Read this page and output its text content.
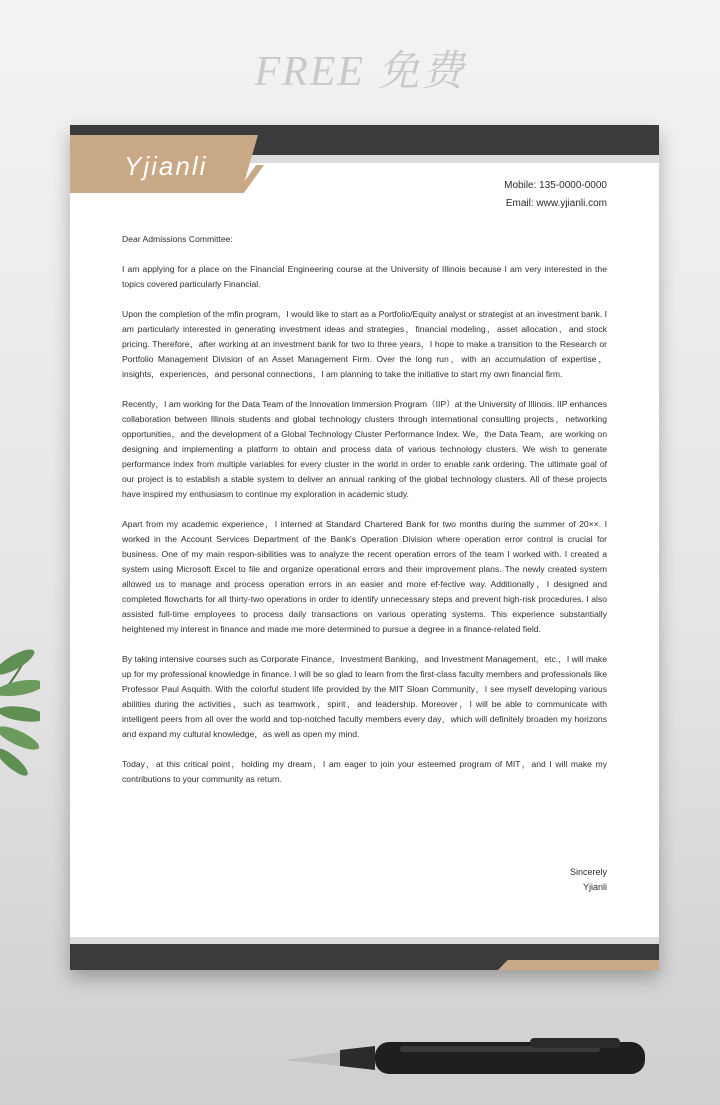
FREE 免费
Yjianli
Mobile: 135-0000-0000
Email: www.yjianli.com

Dear Admissions Committee:

I am applying for a place on the Financial Engineering course at the University of Illinois because I am very interested in the topics covered particularly Financial.

Upon the completion of the mfin program，I would like to start as a Portfolio/Equity analyst or strategist at an investment bank. I am particularly interested in generating investment ideas and strategies，financial modeling，asset allocation，and stock pricing. Therefore，after working at an investment bank for two to three years，I hope to make a transition to the Research or Portfolio Management Division of an Asset Management Firm. Over the long run，with an accumulation of expertise，insights，experiences，and personal connections，I am planning to take the initiative to start my own financial firm.

Recently，I am working for the Data Team of the Innovation Immersion Program（IIP）at the University of Illinois. IIP enhances collaboration between Illinois students and global technology clusters through international consulting projects，networking opportunities，and the development of a Global Technology Cluster Performance Index. We，the Data Team，are working on designing and implementing a platform to obtain and process data of various technology clusters. We wish to generate performance index from multiple variables for every cluster in the world in order to enable rank ordering. The ultimate goal of our project is to establish a stable system to deliver an annual ranking of the global technology clusters. All of these projects have inspired my enthusiasm to continue my exploration in academic study.

Apart from my academic experience，I interned at Standard Chartered Bank for two months during the summer of 20××. I worked in the Account Services Department of the Bank's Operation Division where operation error control is crucial for business. One of my main respon-sibilities was to analyze the recent operation errors of the team I worked with. I created a system using Microsoft Excel to file and organize operational errors and their improvement plans. The newly created system allowed us to manage and process operation errors in an easier and more ef-fective way. Additionally，I designed and completed flowcharts for all thirty-two operations in order to identify unnecessary steps and prevent high-risk procedures. I also assisted full-time employees to process daily transactions on various operating systems. This experience substantially heightened my interest in finance and made me more determined to pursue a degree in a finance-related field.

By taking intensive courses such as Corporate Finance，Investment Banking，and Investment Management，etc.，I will make up for my professional knowledge in finance. I will be so glad to learn from the first-class faculty members and professionals like Professor Paul Asquith. With the colorful student life provided by the MIT Sloan Community，I see myself developing various abilities during the activities，such as teamwork，spirit，and leadership. Moreover，I will be able to communicate with intelligent peers from all over the world and top-notched faculty members every day，which will definitely broaden my horizons and expand my cultural knowledge，as well as open my mind.

Today，at this critical point，holding my dream，I am eager to join your esteemed program of MIT，and I will make my contributions to your community as return.

Sincerely
Yjianli
